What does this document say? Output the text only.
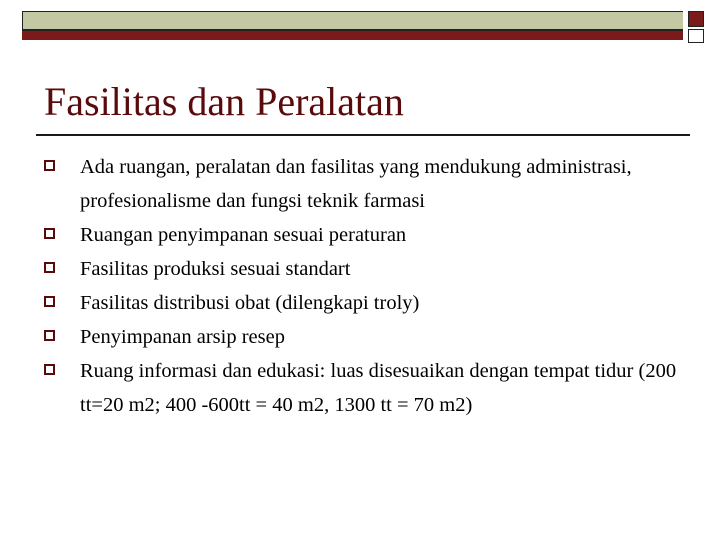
Fasilitas dan Peralatan
Ada ruangan, peralatan dan fasilitas yang mendukung administrasi, profesionalisme dan fungsi teknik farmasi
Ruangan penyimpanan sesuai peraturan
Fasilitas produksi sesuai standart
Fasilitas distribusi obat (dilengkapi troly)
Penyimpanan arsip resep
Ruang informasi dan edukasi: luas disesuaikan dengan tempat tidur (200 tt=20 m2; 400 -600tt = 40 m2, 1300 tt = 70 m2)
